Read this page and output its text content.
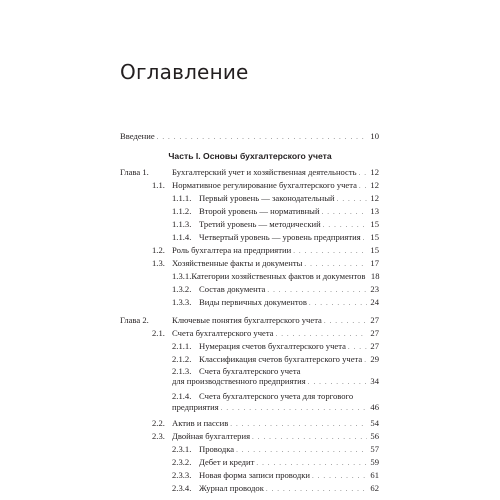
Оглавление
Введение . . .	10
Часть I. Основы бухгалтерского учета
Глава 1.	Бухгалтерский учет и хозяйственная деятельность . . . 12
1.1. Нормативное регулирование бухгалтерского учета . . . 12
1.1.1. Первый уровень — законодательный . . .	12
1.1.2. Второй уровень — нормативный . . .	13
1.1.3. Третий уровень — методический . . .	15
1.1.4. Четвертый уровень — уровень предприятия . . . 15
1.2. Роль бухгалтера на предприятии . . .	15
1.3. Хозяйственные факты и документы . . .	17
1.3.1. Категории хозяйственных фактов и документов 18
1.3.2. Состав документа . . .	23
1.3.3. Виды первичных документов . . .	24
Глава 2.	Ключевые понятия бухгалтерского учета . . .	27
2.1. Счета бухгалтерского учета . . .	27
2.1.1. Нумерация счетов бухгалтерского учета . . .	27
2.1.2. Классификация счетов бухгалтерского учета . . . 29
2.1.3. Счета бухгалтерского учета
для производственного предприятия . . .	34
2.1.4. Счета бухгалтерского учета для торгового
предприятия . . .	46
2.2. Актив и пассив . . .	54
2.3. Двойная бухгалтерия . . .	56
2.3.1. Проводка . . .	57
2.3.2. Дебет и кредит . . .	59
2.3.3. Новая форма записи проводки . . .	61
2.3.4. Журнал проводок . . .	62
